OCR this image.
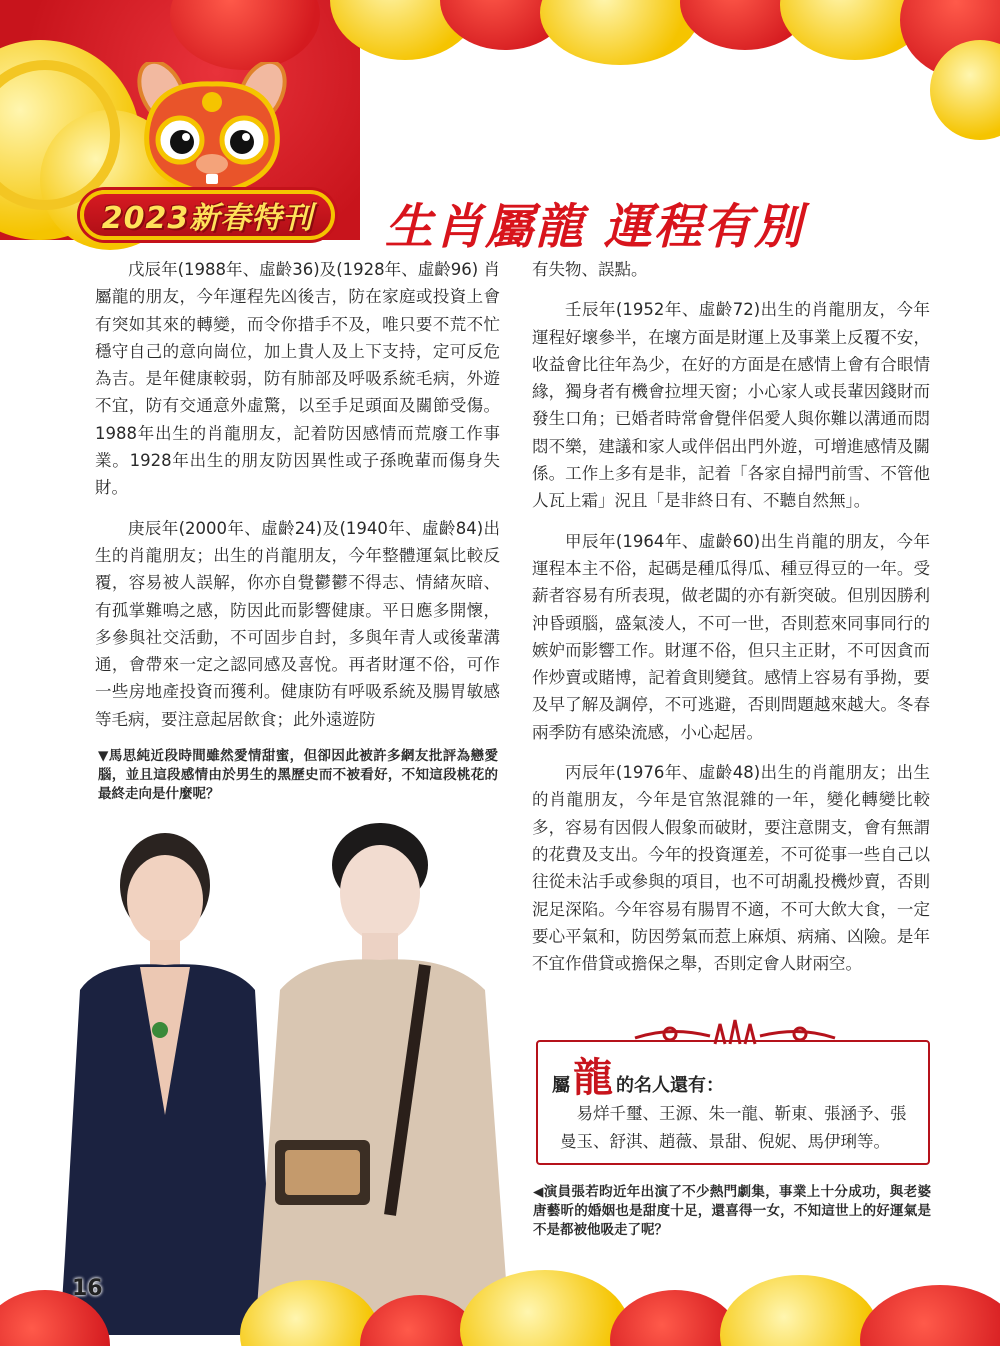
2023新春特刊 生肖屬龍 運程有別

戊辰年(1988年、虛齡36)及(1928年、虛齡96) 肖屬龍的朋友，今年運程先凶後吉，防在家庭或投資上會有突如其來的轉變，而令你措手不及，唯只要不荒不忙穩守自己的意向崗位，加上貴人及上下支持，定可反危為吉。是年健康較弱，防有肺部及呼吸系統毛病，外遊不宜，防有交通意外虛驚，以至手足頭面及關節受傷。1988年出生的肖龍朋友，記着防因感情而荒廢工作事業。1928年出生的朋友防因異性或子孫晚輩而傷身失財。

庚辰年(2000年、虛齡24)及(1940年、虛齡84)出生的肖龍朋友；出生的肖龍朋友，今年整體運氣比較反覆，容易被人誤解，你亦自覺鬱鬱不得志、情緒灰暗、有孤掌難鳴之感，防因此而影響健康。平日應多開懷，多參與社交活動，不可固步自封，多與年青人或後輩溝通，會帶來一定之認同感及喜悅。再者財運不俗，可作一些房地產投資而獲利。健康防有呼吸系統及腸胃敏感等毛病，要注意起居飲食；此外遠遊防

▼馬思純近段時間雖然愛情甜蜜，但卻因此被許多網友批評為戀愛腦，並且這段感情由於男生的黑歷史而不被看好，不知這段桃花的最終走向是什麼呢？

有失物、誤點。

壬辰年(1952年、虛齡72)出生的肖龍朋友，今年運程好壞參半，在壞方面是財運上及事業上反覆不安，收益會比往年為少，在好的方面是在感情上會有合眼情緣，獨身者有機會拉埋天窗；小心家人或長輩因錢財而發生口角；已婚者時常會覺伴侶愛人與你難以溝通而悶悶不樂，建議和家人或伴侶出門外遊，可增進感情及關係。工作上多有是非，記着「各家自掃門前雪、不管他人瓦上霜」況且「是非終日有、不聽自然無」。

甲辰年(1964年、虛齡60)出生肖龍的朋友，今年運程本主不俗，起碼是種瓜得瓜、種豆得豆的一年。受薪者容易有所表現，做老闆的亦有新突破。但別因勝利沖昏頭腦，盛氣淩人，不可一世，否則惹來同事同行的嫉妒而影響工作。財運不俗，但只主正財，不可因貪而作炒賣或賭博，記着貪則變貧。感情上容易有爭拗，要及早了解及調停，不可逃避，否則問題越來越大。冬春兩季防有感染流感，小心起居。

丙辰年(1976年、虛齡48)出生的肖龍朋友；出生的肖龍朋友，今年是官煞混雜的一年，變化轉變比較多，容易有因假人假象而破財，要注意開支，會有無謂的花費及支出。今年的投資運差，不可從事一些自己以往從未沾手或參與的項目，也不可胡亂投機炒賣，否則泥足深陷。今年容易有腸胃不適，不可大飲大食，一定要心平氣和，防因勞氣而惹上麻煩、病痛、凶險。是年不宜作借貸或擔保之舉，否則定會人財兩空。

屬 龍 的名人還有：

易烊千璽、王源、朱一龍、靳東、張涵予、張曼玉、舒淇、趙薇、景甜、倪妮、馬伊琍等。

◀演員張若昀近年出演了不少熱門劇集，事業上十分成功，與老婆唐藝昕的婚姻也是甜度十足，還喜得一女，不知這世上的好運氣是不是都被他吸走了呢？

16
